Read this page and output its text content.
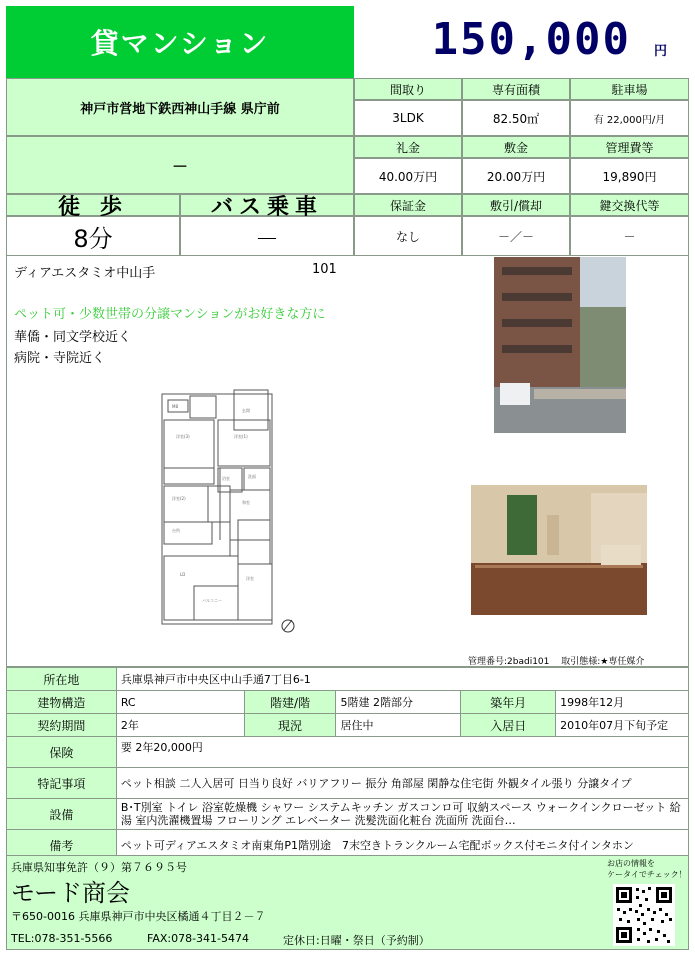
貸マンション	150,000 円
神戸市営地下鉄西神山手線 県庁前
－
徒 歩	バス乗車
8分	－
間取り	専有面積	駐車場
3LDK	82.50㎡	有 22,000円/月
礼金	敷金	管理費等
40.00万円	20.00万円	19,890円
保証金	敷引/償却	鍵交換代等
なし	－／－	－
ディアエスタミオ中山手	101
ペット可・少数世帯の分譲マンションがお好きな方に
華僑・同文学校近く
病院・寺院近く
MB
玄関
洋室(3)	洋室(1)
浴室	洗面
洋室(2)
和室
台所
LD
洋室
バルコニー
管理番号:2badi101　 取引態様:★専任媒介
所在地	兵庫県神戸市中央区中山手通7丁目6-1				
建物構造	RC	階建/階	5階建 2階部分	築年月	1998年12月
契約期間	2年	現況	居住中	入居日	2010年07月下旬予定
保険	要 2年20,000円				
特記事項	ペット相談 二人入居可 日当り良好 バリアフリー 振分 角部屋 閑静な住宅街 外観タイル張り 分譲タイプ				
設備	B･T別室 トイレ 浴室乾燥機 シャワー システムキッチン ガスコンロ可 収納スペース ウォークインクローゼット 給湯 室内洗濯機置場 フローリング エレベーター 洗髪洗面化粧台 洗面所 洗面台…				
備考	ペット可ディアエスタミオ南東角P1階別途　7末空きトランクルーム宅配ボックス付モニタ付インタホン				
兵庫県知事免許（９）第７６９５号
モード商会
〒650-0016 兵庫県神戸市中央区橘通４丁目２－７
TEL:078-351-5566	FAX:078-341-5474	定休日:日曜・祭日（予約制）
お店の情報を
ケータイでチェック！
